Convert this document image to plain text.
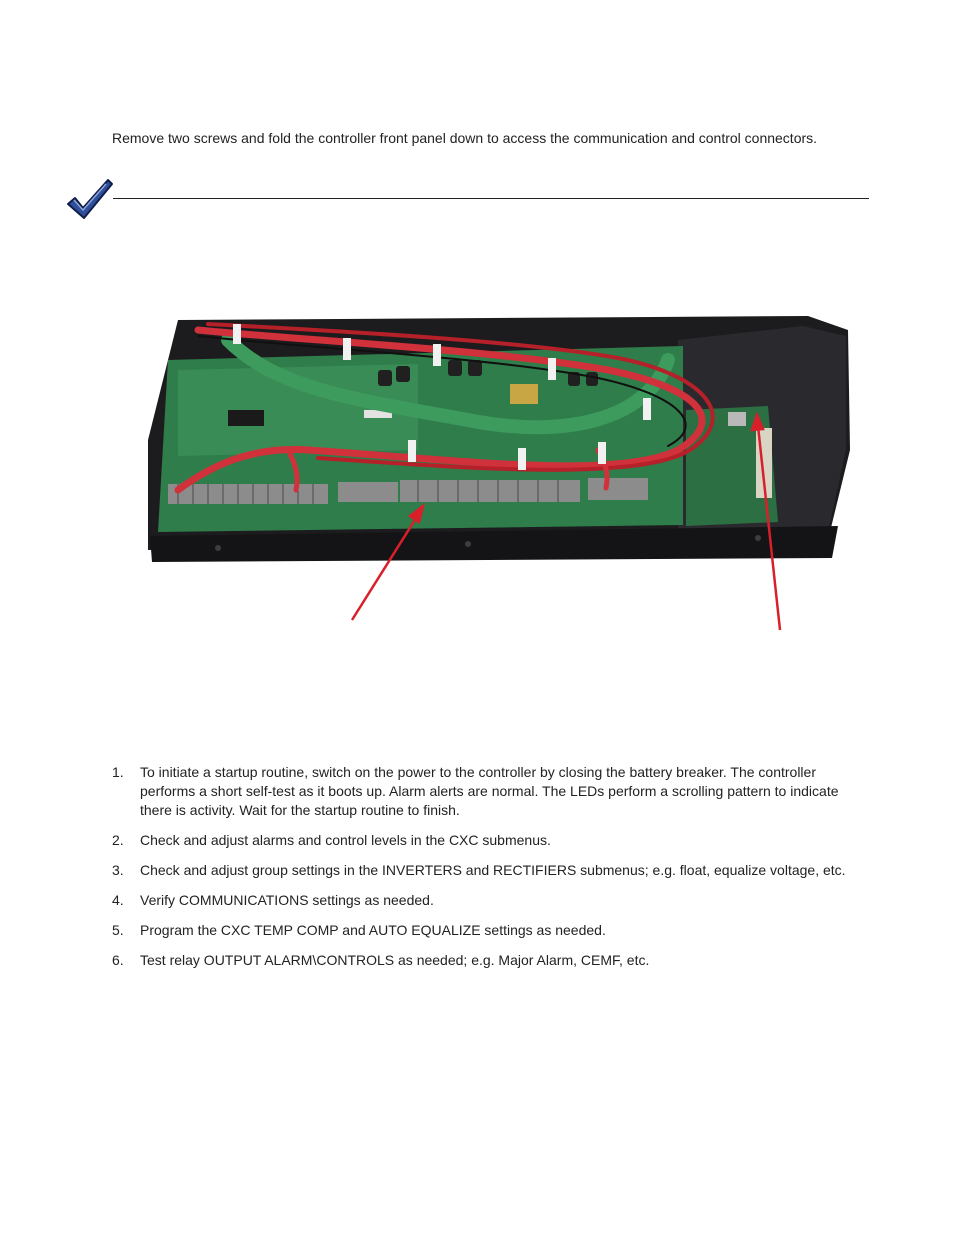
Remove two screws and fold the controller front panel down to access the communication and control connectors.

1. To initiate a startup routine, switch on the power to the controller by closing the battery breaker. The controller performs a short self-test as it boots up. Alarm alerts are normal. The LEDs perform a scrolling pattern to indicate there is activity. Wait for the startup routine to finish.
2. Check and adjust alarms and control levels in the CXC submenus.
3. Check and adjust group settings in the INVERTERS and RECTIFIERS submenus; e.g. float, equalize voltage, etc.
4. Verify COMMUNICATIONS settings as needed.
5. Program the CXC TEMP COMP and AUTO EQUALIZE settings as needed.
6. Test relay OUTPUT ALARM\CONTROLS as needed; e.g. Major Alarm, CEMF, etc.
